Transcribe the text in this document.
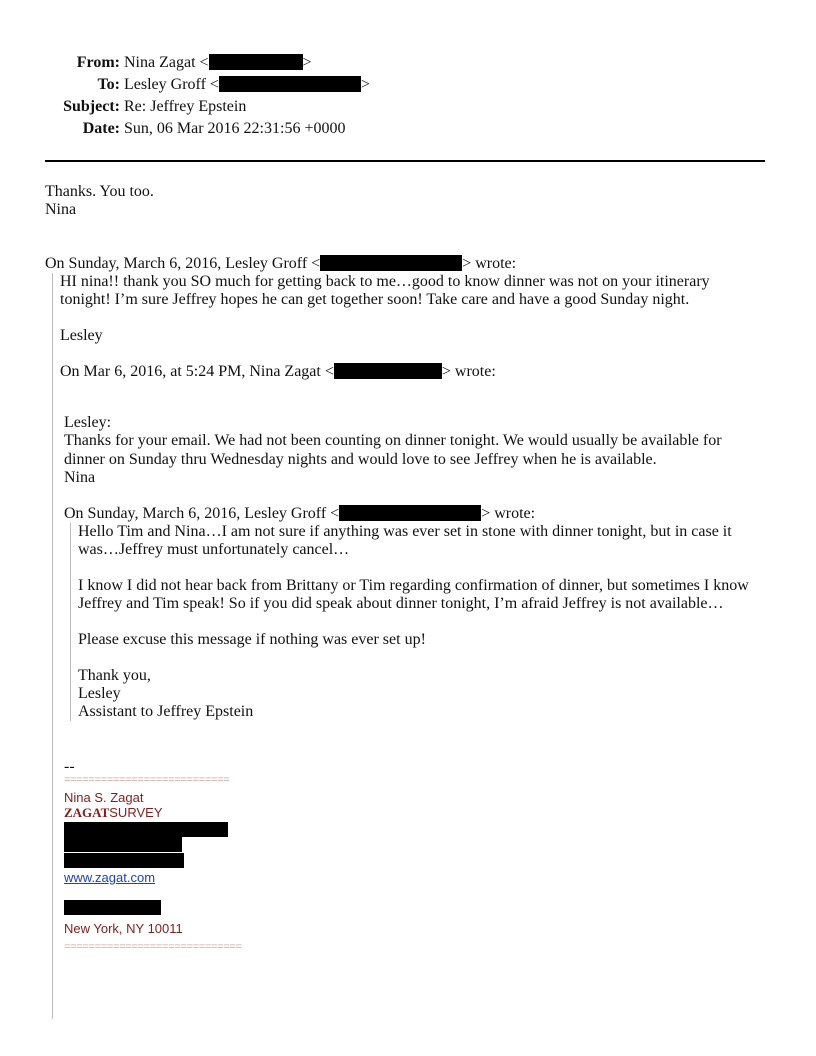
From: Nina Zagat <	>
To: Lesley Groff <	>
Subject: Re: Jeffrey Epstein
Date: Sun, 06 Mar 2016 22:31:56 +0000
Thanks. You too.
Nina
On Sunday, March 6, 2016, Lesley Groff <	> wrote:
HI nina!! thank you SO much for getting back to me…good to know dinner was not on your itinerary
tonight! I’m sure Jeffrey hopes he can get together soon! Take care and have a good Sunday night.
Lesley
On Mar 6, 2016, at 5:24 PM, Nina Zagat <	> wrote:
Lesley:
Thanks for your email. We had not been counting on dinner tonight. We would usually be available for
dinner on Sunday thru Wednesday nights and would love to see Jeffrey when he is available.
Nina
On Sunday, March 6, 2016, Lesley Groff <	> wrote:
Hello Tim and Nina…I am not sure if anything was ever set in stone with dinner tonight, but in case it
was…Jeffrey must unfortunately cancel…
I know I did not hear back from Brittany or Tim regarding confirmation of dinner, but sometimes I know
Jeffrey and Tim speak! So if you did speak about dinner tonight, I’m afraid Jeffrey is not available…
Please excuse this message if nothing was ever set up!
Thank you,
Lesley
Assistant to Jeffrey Epstein
--
===========================
Nina S. Zagat
ZAGATSURVEY
www.zagat.com
New York, NY 10011
=============================
